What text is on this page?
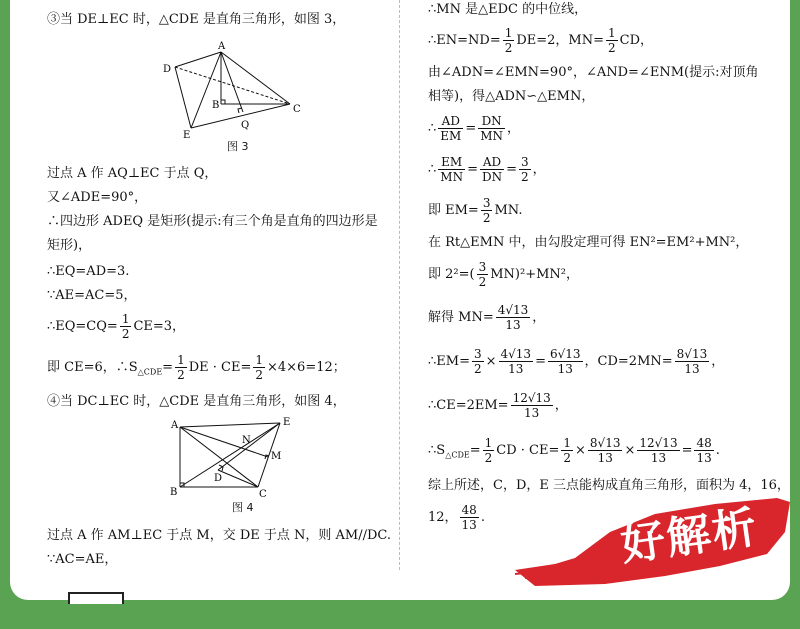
③当 DE⊥EC 时，△CDE 是直角三角形，如图 3，
A
D
B	C
E
Q
图 3
过点 A 作 AQ⊥EC 于点 Q，
又∠ADE=90°，
∴四边形 ADEQ 是矩形(提示:有三个角是直角的四边形是
矩形)，
∴EQ=AD=3.
∵AE=AC=5，
∴EQ=CQ= $\frac{1}{2} CE=3$，
即 CE=6，$\therefore S_{\triangle CDE}= \frac{1}{2}$ DE · $CE= \frac{1}{2} \times 4\times 6=12$；
④当 DC⊥EC 时，△CDE 是直角三角形，如图 4，
A	E
N
M
D
B	C
图 4
过点 A 作 AM⊥EC 于点 M，交 DE 于点 N，则 AM//DC.
∵AC=AE，
∴MN 是△EDC 的中位线，
∴EN=ND= $\frac{1}{2} DE=2$，$MN= \frac{1}{2}$ CD，
由∠ADN=∠EMN=90°，∠AND=∠ENM(提示:对顶角
相等)，得△ADN∽△EMN，
∴ $\frac{AD}{EM} = \frac{DN}{MN}$ ，
∴ $\frac{EM}{MN} = \frac{AD}{DN} = \frac{3}{2}$ ，
即 $EM= \frac{3}{2}$ MN.
在 Rt△EMN 中，由勾股定理可得 EN²=EM²+MN²，
即 $2^2=( \frac{3}{2} MN)^2+MN^2$，
解得 $MN= \frac{4√13}{13}$ ，
∴EM= $\frac{3}{2} \times \frac{4√13}{13} = \frac{6√13}{13}$ ，$CD=2MN= \frac{8√13}{13}$ ，
∴CE=2EM= $\frac{12√13}{13}$ ，
$\therefore S_{\triangle CDE}= \frac{1}{2}$ CD · $CE= \frac{1}{2} \times \frac{8√13}{13} \times \frac{12√13}{13} = \frac{48}{13}$ .
综上所述，C，D，E 三点能构成直角三角形，面积为 4，16，
12， $\frac{48}{13}$ .	好解析
